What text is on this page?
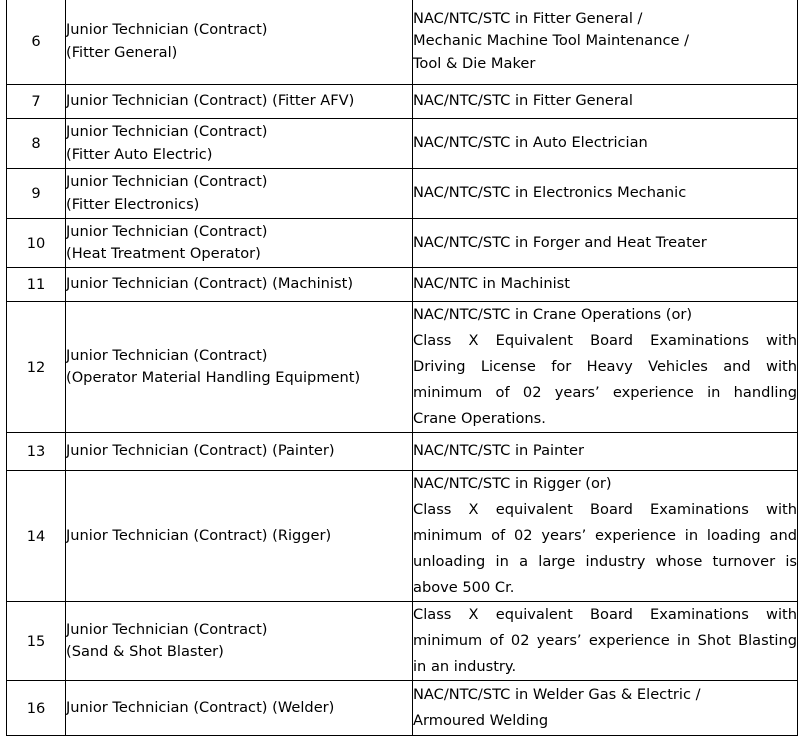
6	Junior Technician (Contract)
(Fitter General)	NAC/NTC/STC in Fitter General /
Mechanic Machine Tool Maintenance /
Tool & Die Maker

7	Junior Technician (Contract) (Fitter AFV)	NAC/NTC/STC in Fitter General

8	Junior Technician (Contract)
(Fitter Auto Electric)	NAC/NTC/STC in Auto Electrician

9	Junior Technician (Contract)
(Fitter Electronics)	NAC/NTC/STC in Electronics Mechanic

10	Junior Technician (Contract)
(Heat Treatment Operator)	NAC/NTC/STC in Forger and Heat Treater

11	Junior Technician (Contract) (Machinist)	NAC/NTC in Machinist

12	Junior Technician (Contract)
(Operator Material Handling Equipment)	NAC/NTC/STC in Crane Operations (or)
Class X Equivalent Board Examinations with
Driving License for Heavy Vehicles and with
minimum of 02 years’ experience in handling
Crane Operations.

13	Junior Technician (Contract) (Painter)	NAC/NTC/STC in Painter

14	Junior Technician (Contract) (Rigger)	NAC/NTC/STC in Rigger (or)
Class X equivalent Board Examinations with
minimum of 02 years’ experience in loading and
unloading in a large industry whose turnover is
above 500 Cr.

15	Junior Technician (Contract)
(Sand & Shot Blaster)	Class X equivalent Board Examinations with
minimum of 02 years’ experience in Shot Blasting
in an industry.

16	Junior Technician (Contract) (Welder)	NAC/NTC/STC in Welder Gas & Electric /
Armoured Welding
